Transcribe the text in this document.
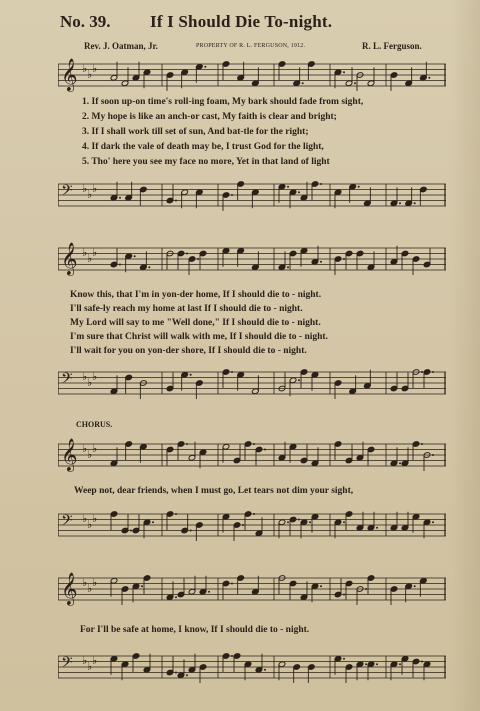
No. 39. If I Should Die To-night.
Rev. J. Oatman, Jr.	PROPERTY OF R. L. FERGUSON, 1912.	R. L. Ferguson.
𝄞 ♭ ♭ ♭
1. If soon up-on time's roll-ing foam, My bark should fade from sight,
2. My hope is like an anch-or cast, My faith is clear and bright;
3. If I shall work till set of sun, And bat-tle for the right;
4. If dark the vale of death may be, I trust God for the light,
5. Tho' here you see my face no more, Yet in that land of light
𝄢 ♭ ♭ ♭
𝄞 ♭ ♭ ♭
Know this, that I'm in yon-der home, If I should die to - night.
I'll safe-ly reach my home at last If I should die to - night.
My Lord will say to me "Well done," If I should die to - night.
I'm sure that Christ will walk with me, If I should die to - night.
I'll wait for you on yon-der shore, If I should die to - night.
𝄢 ♭ ♭ ♭
CHORUS.
𝄞 ♭ ♭ ♭
Weep not, dear friends, when I must go, Let tears not dim your sight,
𝄢 ♭ ♭ ♭
𝄞 ♭ ♭ ♭
For I'll be safe at home, I know, If I should die to - night.
𝄢 ♭ ♭ ♭
